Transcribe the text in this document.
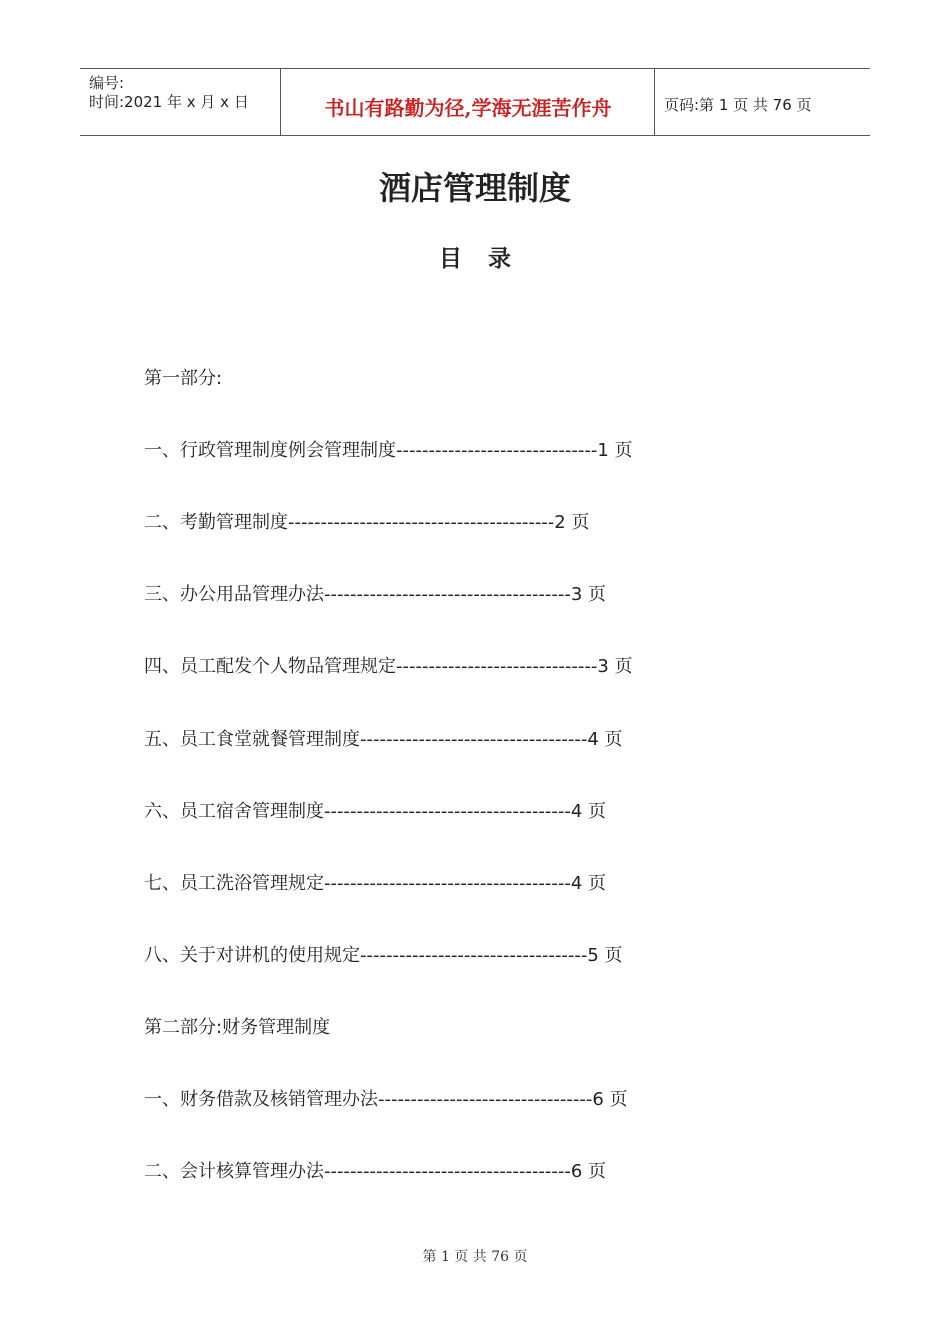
编号:
时间:2021 年 x 月 x 日	书山有路勤为径,学海无涯苦作舟	页码:第 1 页 共 76 页
酒店管理制度
目录
第一部分:
一、行政管理制度例会管理制度-------------------------------1 页
二、考勤管理制度-----------------------------------------2 页
三、办公用品管理办法--------------------------------------3 页
四、员工配发个人物品管理规定-------------------------------3 页
五、员工食堂就餐管理制度-----------------------------------4 页
六、员工宿舍管理制度--------------------------------------4 页
七、员工洗浴管理规定--------------------------------------4 页
八、关于对讲机的使用规定-----------------------------------5 页
第二部分:财务管理制度
一、财务借款及核销管理办法---------------------------------6 页
二、会计核算管理办法--------------------------------------6 页
第 1 页 共 76 页
